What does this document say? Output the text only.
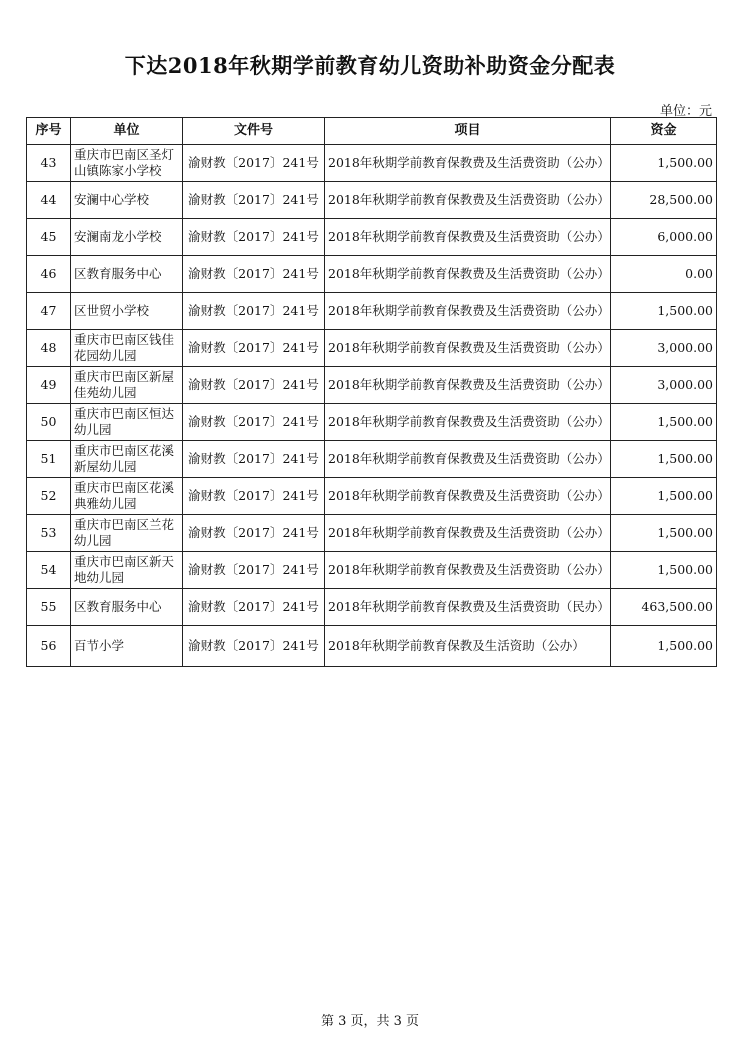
下达2018年秋期学前教育幼儿资助补助资金分配表
单位：元
序号	单位	文件号	项目	资金
43	重庆市巴南区圣灯山镇陈家小学校	渝财教〔2017〕241号	2018年秋期学前教育保教费及生活费资助（公办）	1,500.00
44	安澜中心学校	渝财教〔2017〕241号	2018年秋期学前教育保教费及生活费资助（公办）	28,500.00
45	安澜南龙小学校	渝财教〔2017〕241号	2018年秋期学前教育保教费及生活费资助（公办）	6,000.00
46	区教育服务中心	渝财教〔2017〕241号	2018年秋期学前教育保教费及生活费资助（公办）	0.00
47	区世贸小学校	渝财教〔2017〕241号	2018年秋期学前教育保教费及生活费资助（公办）	1,500.00
48	重庆市巴南区钱佳花园幼儿园	渝财教〔2017〕241号	2018年秋期学前教育保教费及生活费资助（公办）	3,000.00
49	重庆市巴南区新屋佳苑幼儿园	渝财教〔2017〕241号	2018年秋期学前教育保教费及生活费资助（公办）	3,000.00
50	重庆市巴南区恒达幼儿园	渝财教〔2017〕241号	2018年秋期学前教育保教费及生活费资助（公办）	1,500.00
51	重庆市巴南区花溪新屋幼儿园	渝财教〔2017〕241号	2018年秋期学前教育保教费及生活费资助（公办）	1,500.00
52	重庆市巴南区花溪典雅幼儿园	渝财教〔2017〕241号	2018年秋期学前教育保教费及生活费资助（公办）	1,500.00
53	重庆市巴南区兰花幼儿园	渝财教〔2017〕241号	2018年秋期学前教育保教费及生活费资助（公办）	1,500.00
54	重庆市巴南区新天地幼儿园	渝财教〔2017〕241号	2018年秋期学前教育保教费及生活费资助（公办）	1,500.00
55	区教育服务中心	渝财教〔2017〕241号	2018年秋期学前教育保教费及生活费资助（民办）	463,500.00
56	百节小学	渝财教〔2017〕241号	2018年秋期学前教育保教及生活资助（公办）	1,500.00
第 3 页，共 3 页
